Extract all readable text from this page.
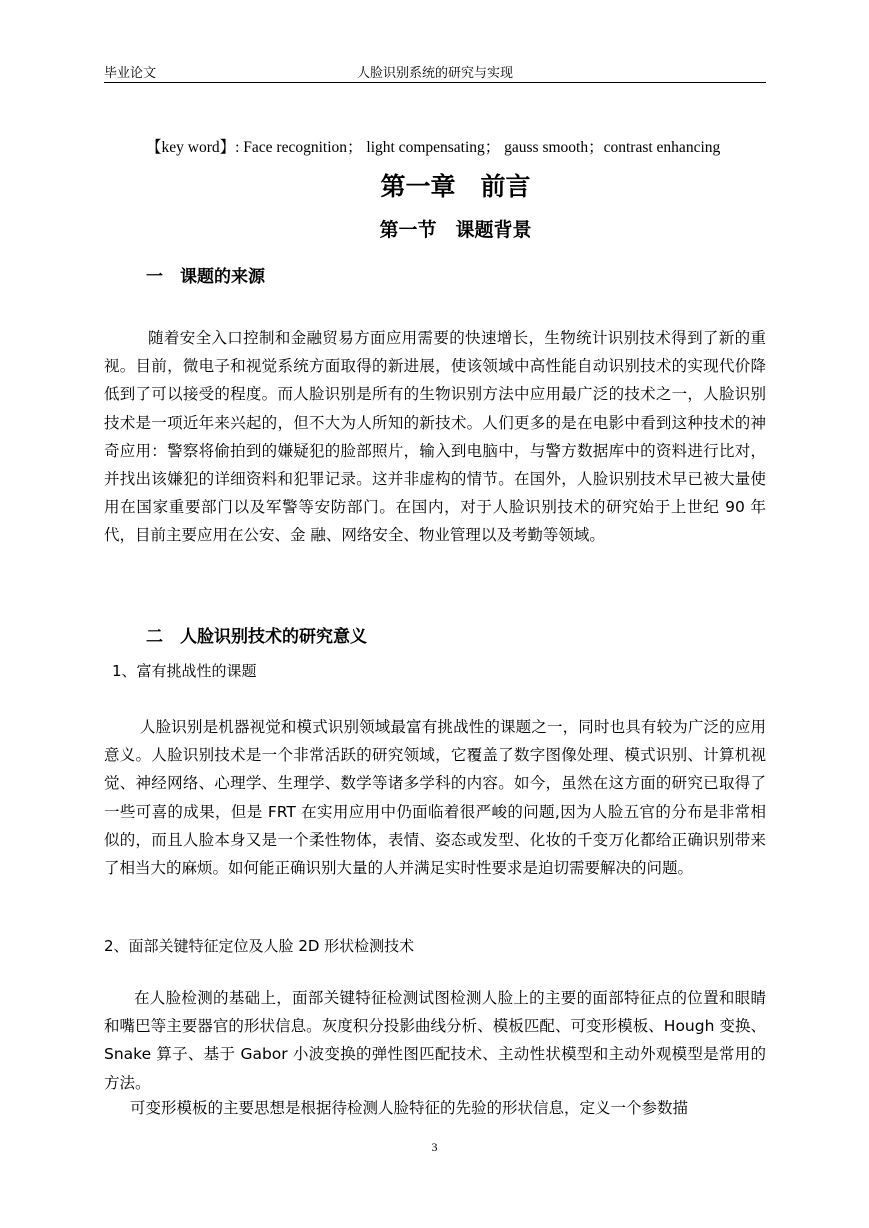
毕业论文	人脸识别系统的研究与实现
【key word】: Face recognition； light compensating； gauss smooth；contrast enhancing
第一章　前言
第一节　课题背景
一　课题的来源
随着安全入口控制和金融贸易方面应用需要的快速增长，生物统计识别技术得到了新的重视。目前，微电子和视觉系统方面取得的新进展，使该领域中高性能自动识别技术的实现代价降低到了可以接受的程度。而人脸识别是所有的生物识别方法中应用最广泛的技术之一，人脸识别技术是一项近年来兴起的，但不大为人所知的新技术。人们更多的是在电影中看到这种技术的神奇应用：警察将偷拍到的嫌疑犯的脸部照片，输入到电脑中，与警方数据库中的资料进行比对，并找出该嫌犯的详细资料和犯罪记录。这并非虚构的情节。在国外，人脸识别技术早已被大量使用在国家重要部门以及军警等安防部门。在国内，对于人脸识别技术的研究始于上世纪 90 年代，目前主要应用在公安、金 融、网络安全、物业管理以及考勤等领域。
二　人脸识别技术的研究意义
1、富有挑战性的课题
人脸识别是机器视觉和模式识别领域最富有挑战性的课题之一，同时也具有较为广泛的应用意义。人脸识别技术是一个非常活跃的研究领域，它覆盖了数字图像处理、模式识别、计算机视觉、神经网络、心理学、生理学、数学等诸多学科的内容。如今，虽然在这方面的研究已取得了一些可喜的成果，但是 FRT 在实用应用中仍面临着很严峻的问题,因为人脸五官的分布是非常相似的，而且人脸本身又是一个柔性物体，表情、姿态或发型、化妆的千变万化都给正确识别带来了相当大的麻烦。如何能正确识别大量的人并满足实时性要求是迫切需要解决的问题。
2、面部关键特征定位及人脸 2D 形状检测技术
在人脸检测的基础上，面部关键特征检测试图检测人脸上的主要的面部特征点的位置和眼睛和嘴巴等主要器官的形状信息。灰度积分投影曲线分析、模板匹配、可变形模板、Hough 变换、Snake 算子、基于 Gabor 小波变换的弹性图匹配技术、主动性状模型和主动外观模型是常用的方法。
可变形模板的主要思想是根据待检测人脸特征的先验的形状信息，定义一个参数描
3
